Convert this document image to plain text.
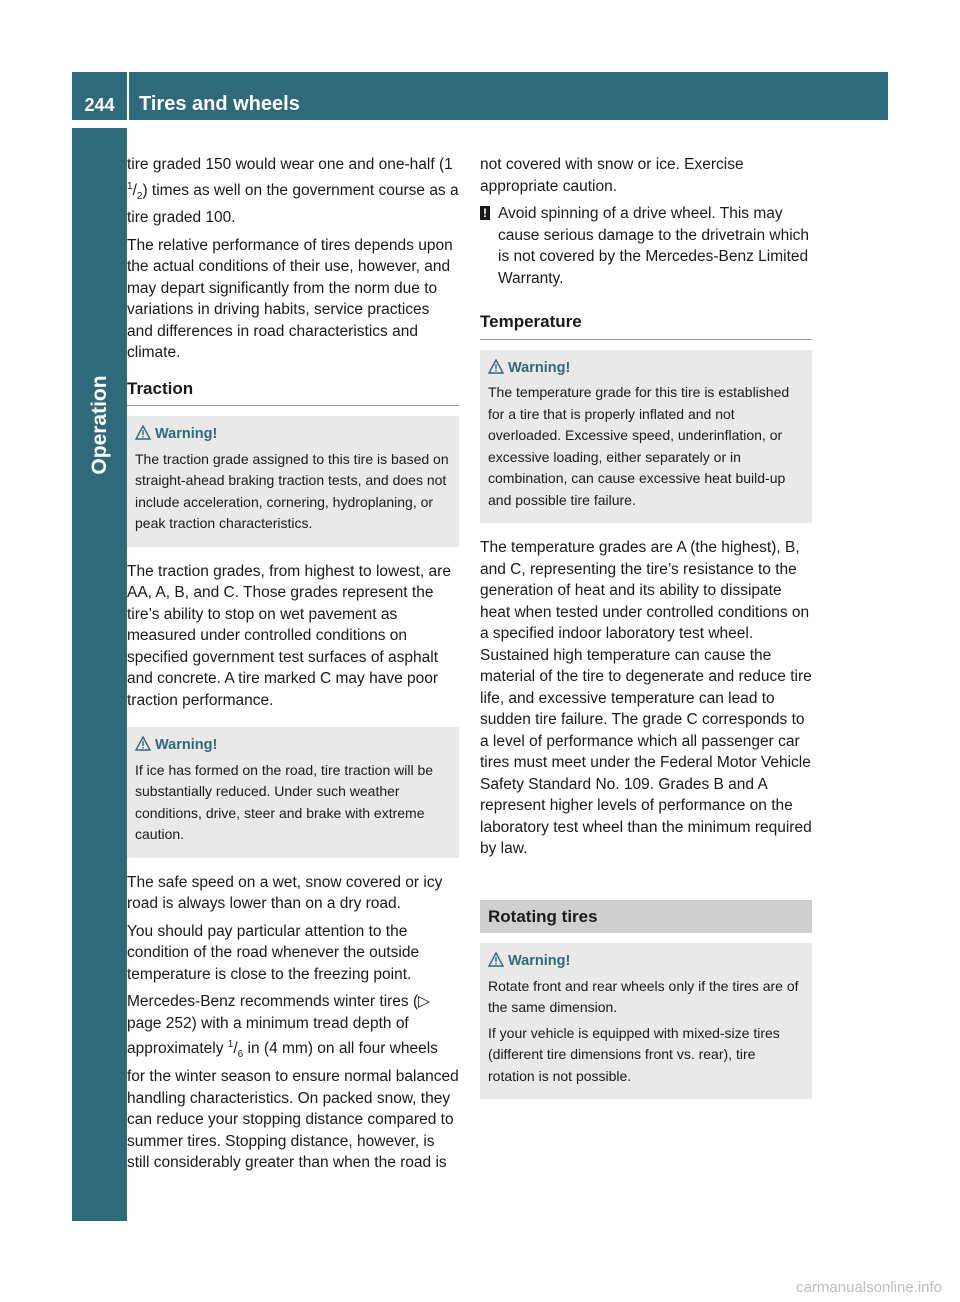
244	Tires and wheels
Operation

tire graded 150 would wear one and one-half (1 $^1/_2$) times as well on the government course as a tire graded 100.

The relative performance of tires depends upon the actual conditions of their use, however, and may depart significantly from the norm due to variations in driving habits, service practices and differences in road characteristics and climate.

Traction
Warning!

The traction grade assigned to this tire is based on straight-ahead braking traction tests, and does not include acceleration, cornering, hydroplaning, or peak traction characteristics.

The traction grades, from highest to lowest, are AA, A, B, and C. Those grades represent the tire’s ability to stop on wet pavement as measured under controlled conditions on specified government test surfaces of asphalt and concrete. A tire marked C may have poor traction performance.

Warning!

If ice has formed on the road, tire traction will be substantially reduced. Under such weather conditions, drive, steer and brake with extreme caution.

The safe speed on a wet, snow covered or icy road is always lower than on a dry road.

You should pay particular attention to the condition of the road whenever the outside temperature is close to the freezing point.

Mercedes-Benz recommends winter tires (▷ page 252) with a minimum tread depth of approximately $^1/_6$ in (4 mm) on all four wheels for the winter season to ensure normal balanced handling characteristics. On packed snow, they can reduce your stopping distance compared to summer tires. Stopping distance, however, is still considerably greater than when the road is

not covered with snow or ice. Exercise appropriate caution.

! Avoid spinning of a drive wheel. This may cause serious damage to the drivetrain which is not covered by the Mercedes-Benz Limited Warranty.
Temperature
Warning!

The temperature grade for this tire is established for a tire that is properly inflated and not overloaded. Excessive speed, underinflation, or excessive loading, either separately or in combination, can cause excessive heat build-up and possible tire failure.

The temperature grades are A (the highest), B, and C, representing the tire’s resistance to the generation of heat and its ability to dissipate heat when tested under controlled conditions on a specified indoor laboratory test wheel. Sustained high temperature can cause the material of the tire to degenerate and reduce tire life, and excessive temperature can lead to sudden tire failure. The grade C corresponds to a level of performance which all passenger car tires must meet under the Federal Motor Vehicle Safety Standard No. 109. Grades B and A represent higher levels of performance on the laboratory test wheel than the minimum required by law.

Rotating tires
Warning!

Rotate front and rear wheels only if the tires are of the same dimension.

If your vehicle is equipped with mixed-size tires (different tire dimensions front vs. rear), tire rotation is not possible.

carmanualsonline.info
